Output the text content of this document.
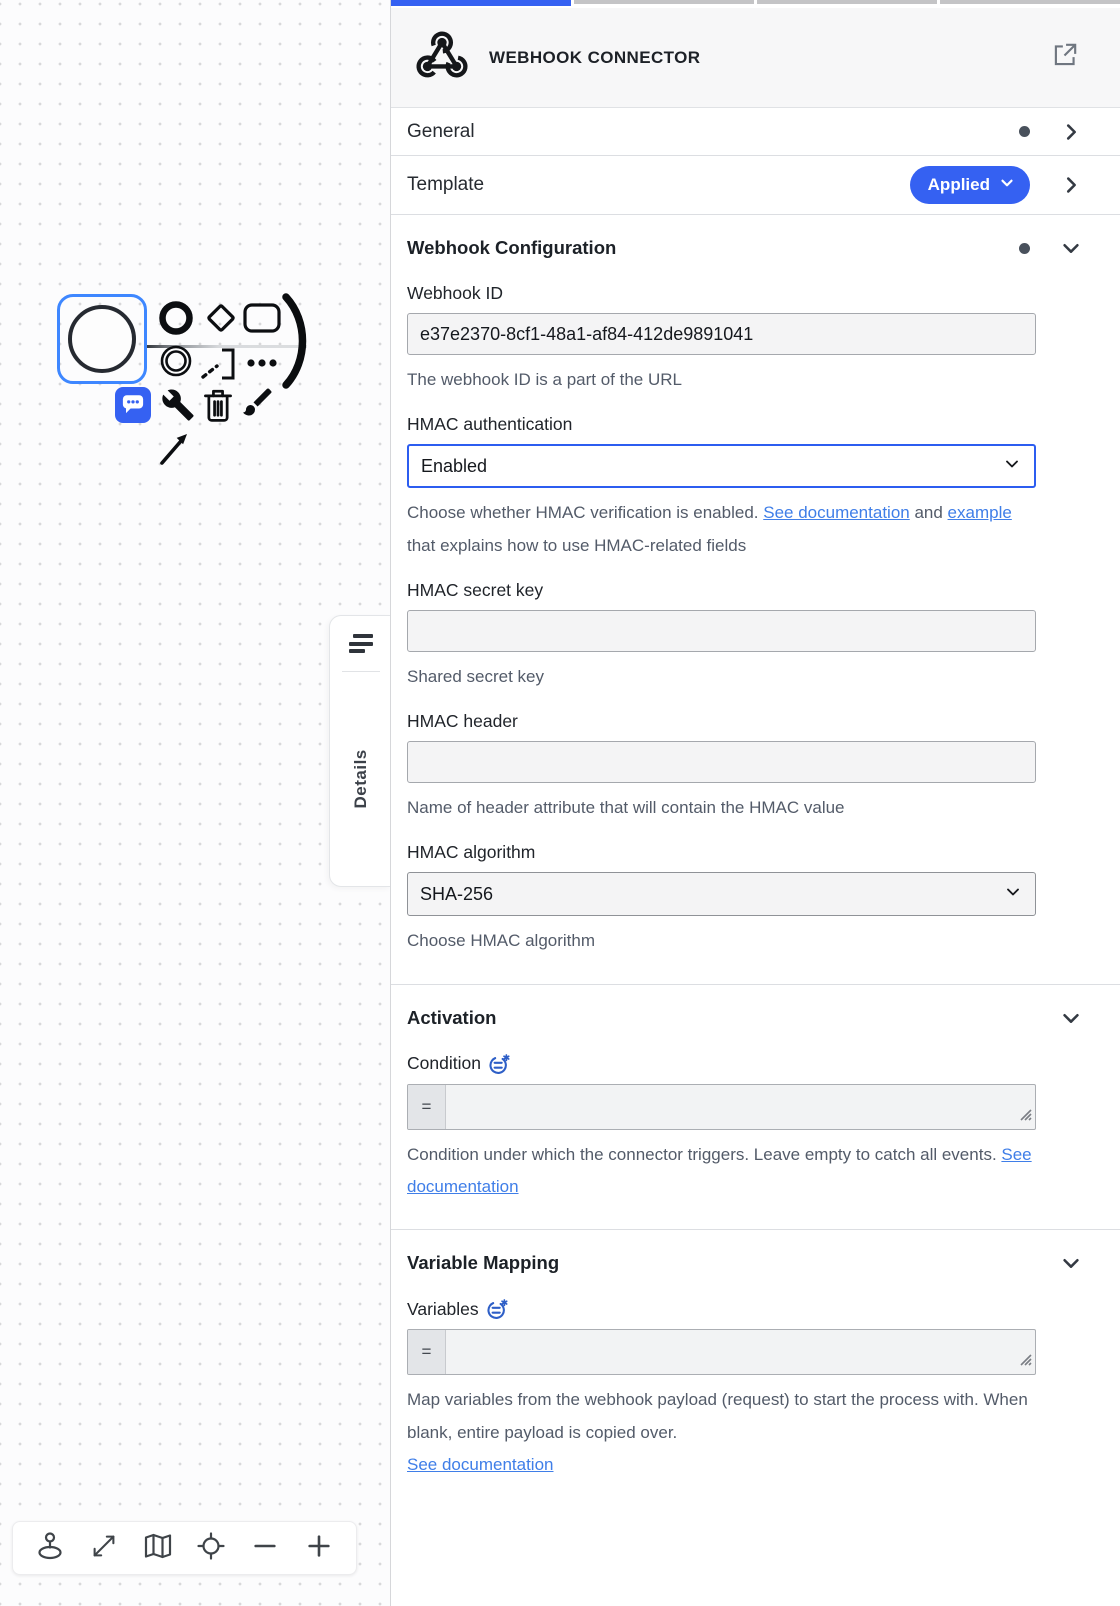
Details
WEBHOOK CONNECTOR
General
Template	Applied
Webhook Configuration
Webhook ID
e37e2370-8cf1-48a1-af84-412de9891041
The webhook ID is a part of the URL
HMAC authentication
Enabled
Choose whether HMAC verification is enabled. See documentation and example that explains how to use HMAC-related fields
HMAC secret key
Shared secret key
HMAC header
Name of header attribute that will contain the HMAC value
HMAC algorithm
SHA-256
Choose HMAC algorithm
Activation
Condition
=
Condition under which the connector triggers. Leave empty to catch all events. See documentation
Variable Mapping
Variables
=
Map variables from the webhook payload (request) to start the process with. When blank, entire payload is copied over.
See documentation
